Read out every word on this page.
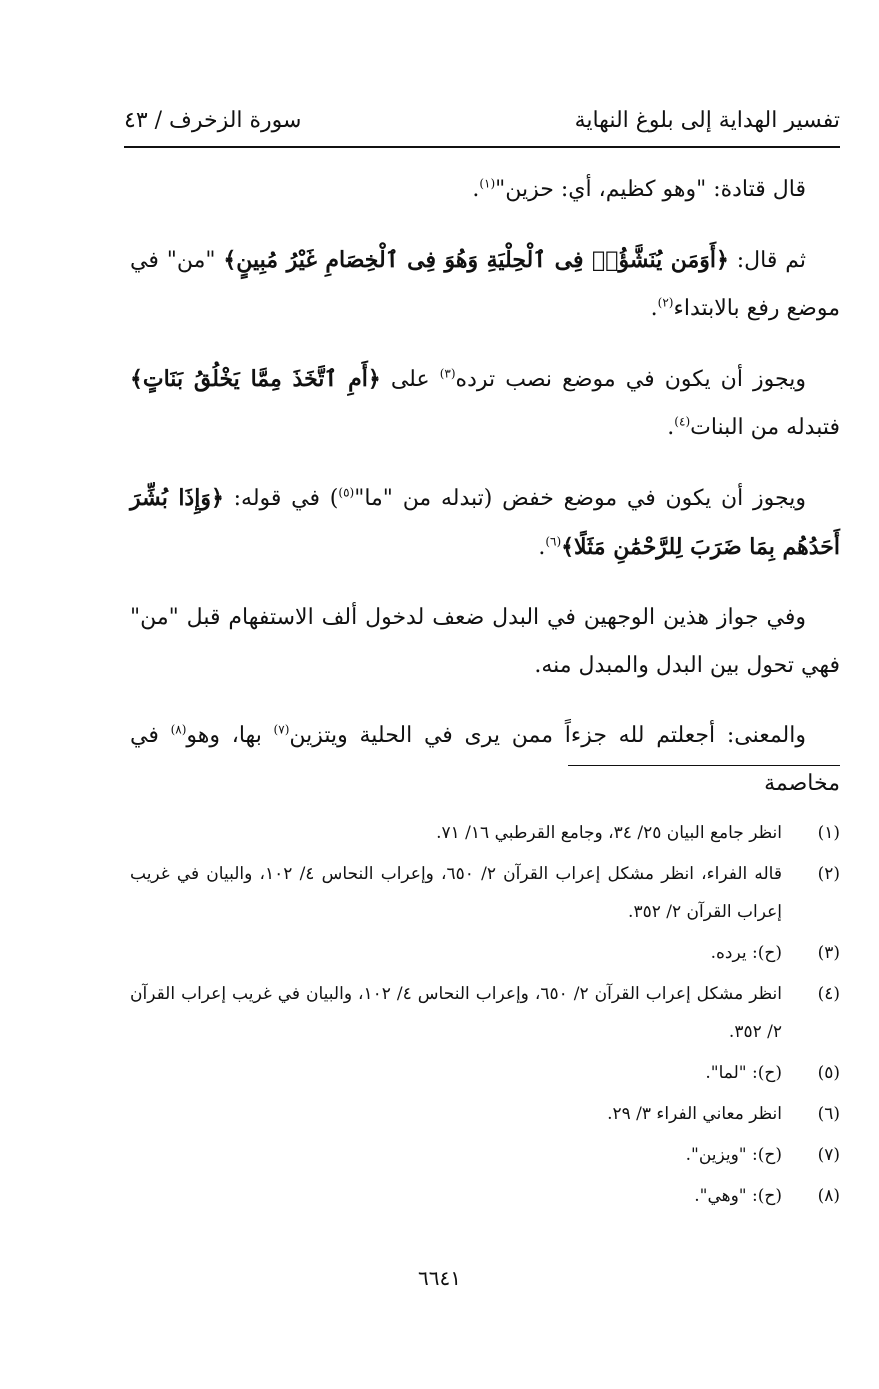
تفسير الهداية إلى بلوغ النهاية
سورة الزخرف / ٤٣

قال قتادة: "وهو كظيم، أي: حزين"$^{(١)}$.

ثم قال: ﴿أَوَمَن يُنَشَّؤُا۟ فِى ٱلْحِلْيَةِ وَهُوَ فِى ٱلْخِصَامِ غَيْرُ مُبِينٍ﴾ "من" في موضع رفع بالابتداء$^{(٢)}$.

ويجوز أن يكون في موضع نصب ترده$^{(٣)}$ على ﴿أَمِ ٱتَّخَذَ مِمَّا يَخْلُقُ بَنَاتٍ﴾ فتبدله من البنات$^{(٤)}$.

ويجوز أن يكون في موضع خفض (تبدله من "ما"$^{(٥)}$) في قوله: ﴿وَإِذَا بُشِّرَ أَحَدُهُم بِمَا ضَرَبَ لِلرَّحْمَٰنِ مَثَلًا﴾$^{(٦)}$.

وفي جواز هذين الوجهين في البدل ضعف لدخول ألف الاستفهام قبل "من" فهي تحول بين البدل والمبدل منه.

والمعنى: أجعلتم لله جزءاً ممن يرى في الحلية ويتزين$^{(٧)}$ بها، وهو$^{(٨)}$ في مخاصمة

(١)
انظر جامع البيان ٢٥/ ٣٤، وجامع القرطبي ١٦/ ٧١.
(٢)
قاله الفراء، انظر مشكل إعراب القرآن ٢/ ٦٥٠، وإعراب النحاس ٤/ ١٠٢، والبيان في غريب إعراب القرآن ٢/ ٣٥٢.
(٣)
(ح): يرده.
(٤)
انظر مشكل إعراب القرآن ٢/ ٦٥٠، وإعراب النحاس ٤/ ١٠٢، والبيان في غريب إعراب القرآن ٢/ ٣٥٢.
(٥)
(ح): "لما".
(٦)
انظر معاني الفراء ٣/ ٢٩.
(٧)
(ح): "ويزين".
(٨)
(ح): "وهي".
٦٦٤١
